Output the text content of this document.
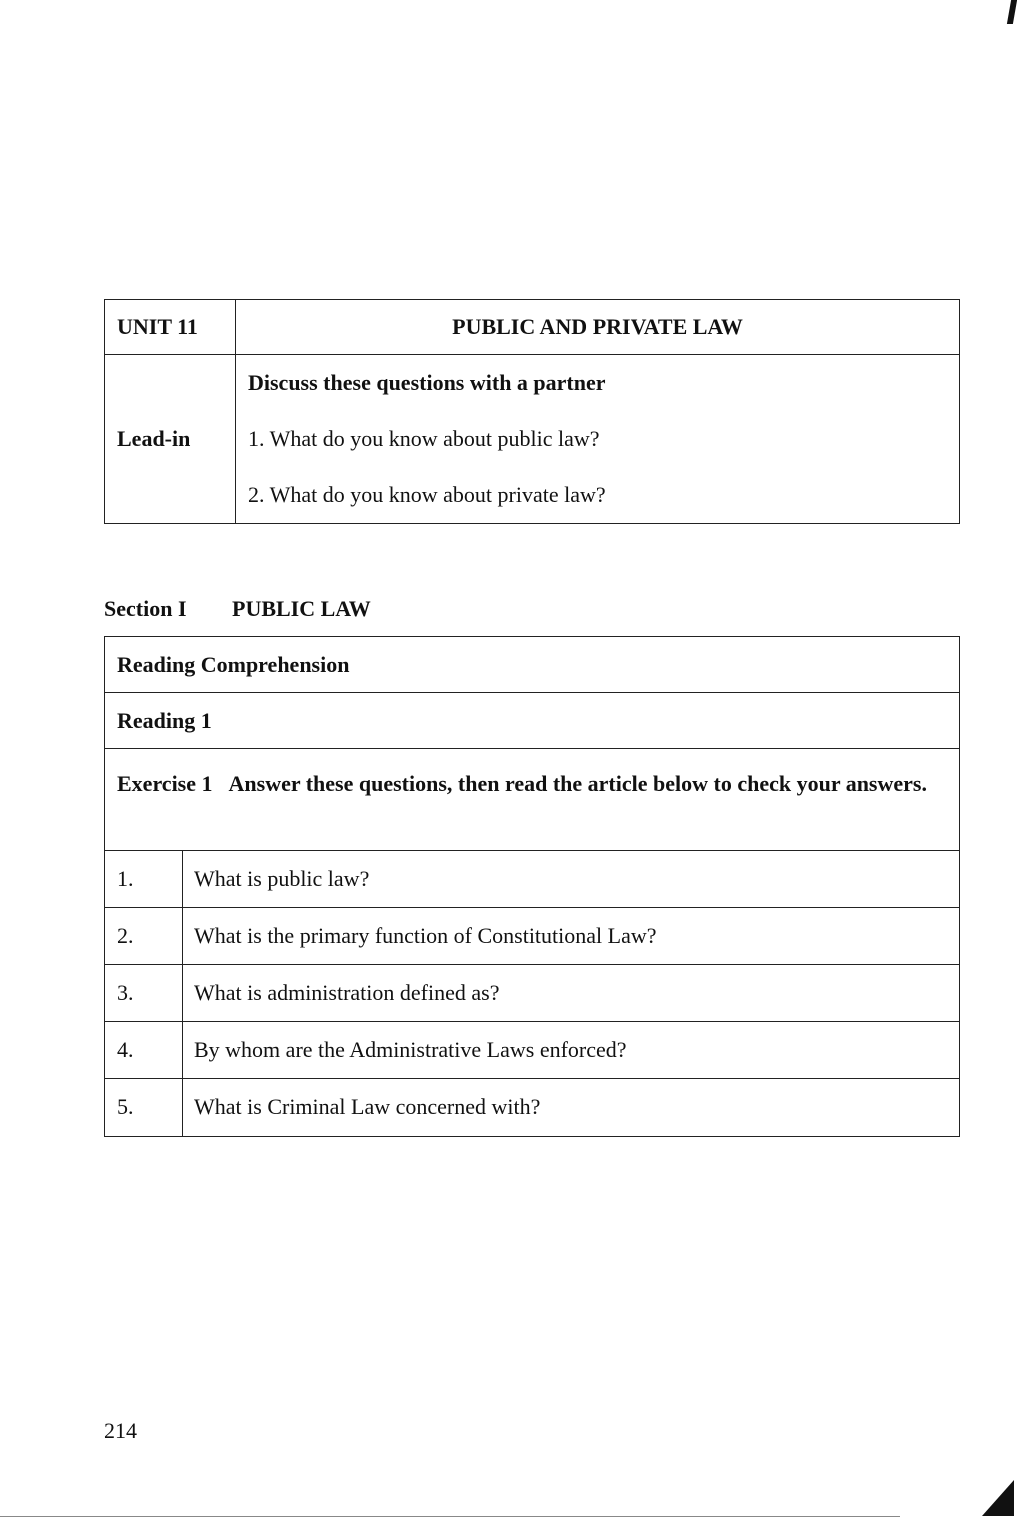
UNIT 11	PUBLIC AND PRIVATE LAW
Lead-in	Discuss these questions with a partner
1. What do you know about public law?
2. What do you know about private law?
Section I PUBLIC LAW
Reading Comprehension
Reading 1
Exercise 1 Answer these questions, then read the article below to check your answers.
1.	What is public law?
2.	What is the primary function of Constitutional Law?
3.	What is administration defined as?
4.	By whom are the Administrative Laws enforced?
5.	What is Criminal Law concerned with?
214
